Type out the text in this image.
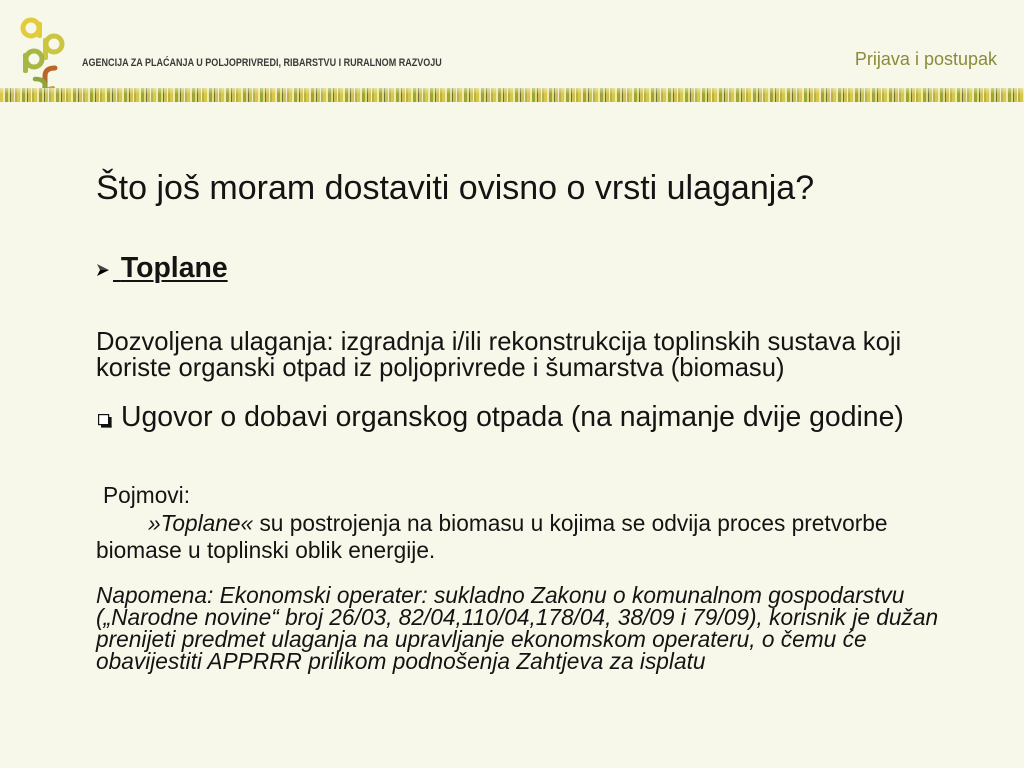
AGENCIJA ZA PLAĆANJA U POLJOPRIVREDI, RIBARSTVU I RURALNOM RAZVOJU	Prijava i postupak
Što još moram dostaviti ovisno o vrsti ulaganja?
Toplane
Dozvoljena ulaganja: izgradnja i/ili rekonstrukcija toplinskih sustava koji
koriste organski otpad iz poljoprivrede i šumarstva (biomasu)
Ugovor o dobavi organskog otpada (na najmanje dvije godine)
Pojmovi:
»Toplane« su postrojenja na biomasu u kojima se odvija proces pretvorbe
biomase u toplinski oblik energije.
Napomena: Ekonomski operater: sukladno Zakonu o komunalnom gospodarstvu
(„Narodne novine“ broj 26/03, 82/04,110/04,178/04, 38/09 i 79/09), korisnik je dužan
prenijeti predmet ulaganja na upravljanje ekonomskom operateru, o čemu će
obavijestiti APPRRR prilikom podnošenja Zahtjeva za isplatu
